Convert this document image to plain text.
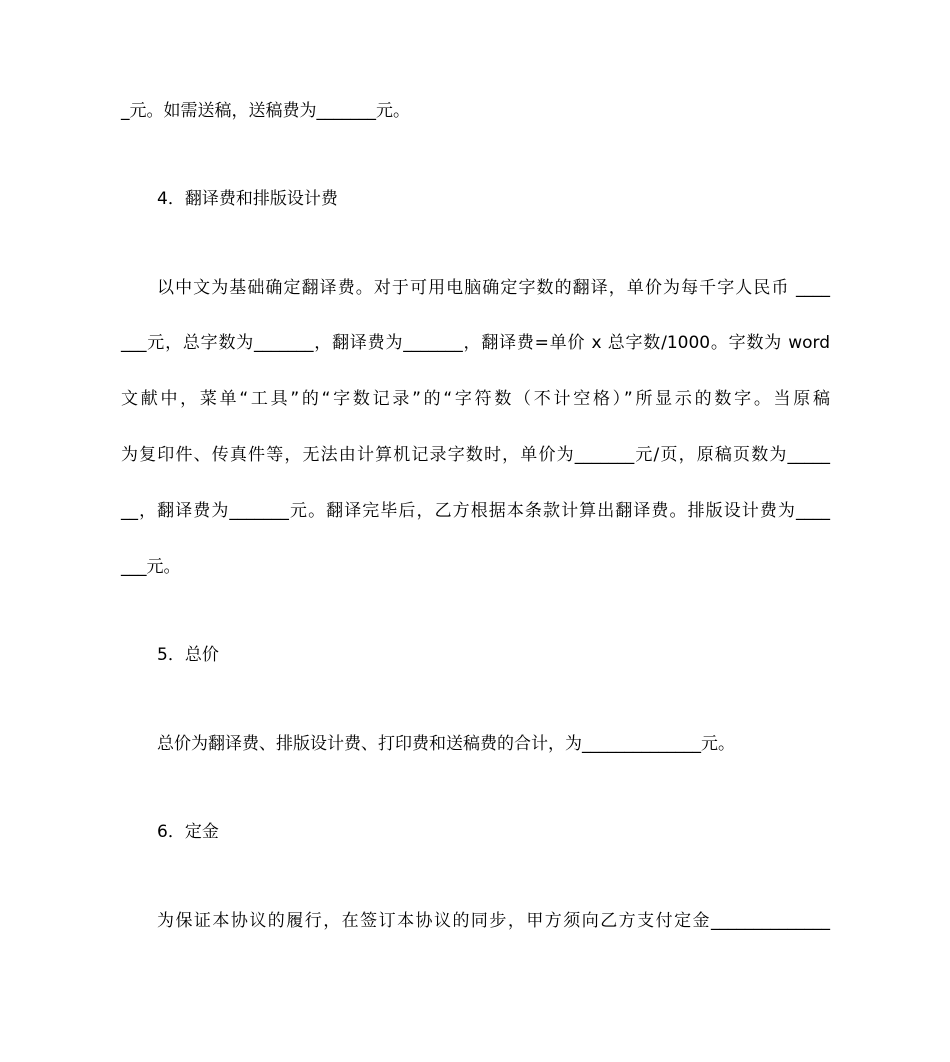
_元。如需送稿，送稿费为_______元。
4．翻译费和排版设计费
以中文为基础确定翻译费。对于可用电脑确定字数的翻译，单价为每千字人民币 ____
___元，总字数为_______，翻译费为_______，翻译费=单价 x 总字数/1000。字数为 word
文献中，菜单“工具”的“字数记录”的“字符数（不计空格）”所显示的数字。当原稿
为复印件、传真件等，无法由计算机记录字数时，单价为_______元/页，原稿页数为_____
__，翻译费为_______元。翻译完毕后，乙方根据本条款计算出翻译费。排版设计费为____
___元。
5．总价
总价为翻译费、排版设计费、打印费和送稿费的合计，为______________元。
6．定金
为保证本协议的履行，在签订本协议的同步，甲方须向乙方支付定金______________
